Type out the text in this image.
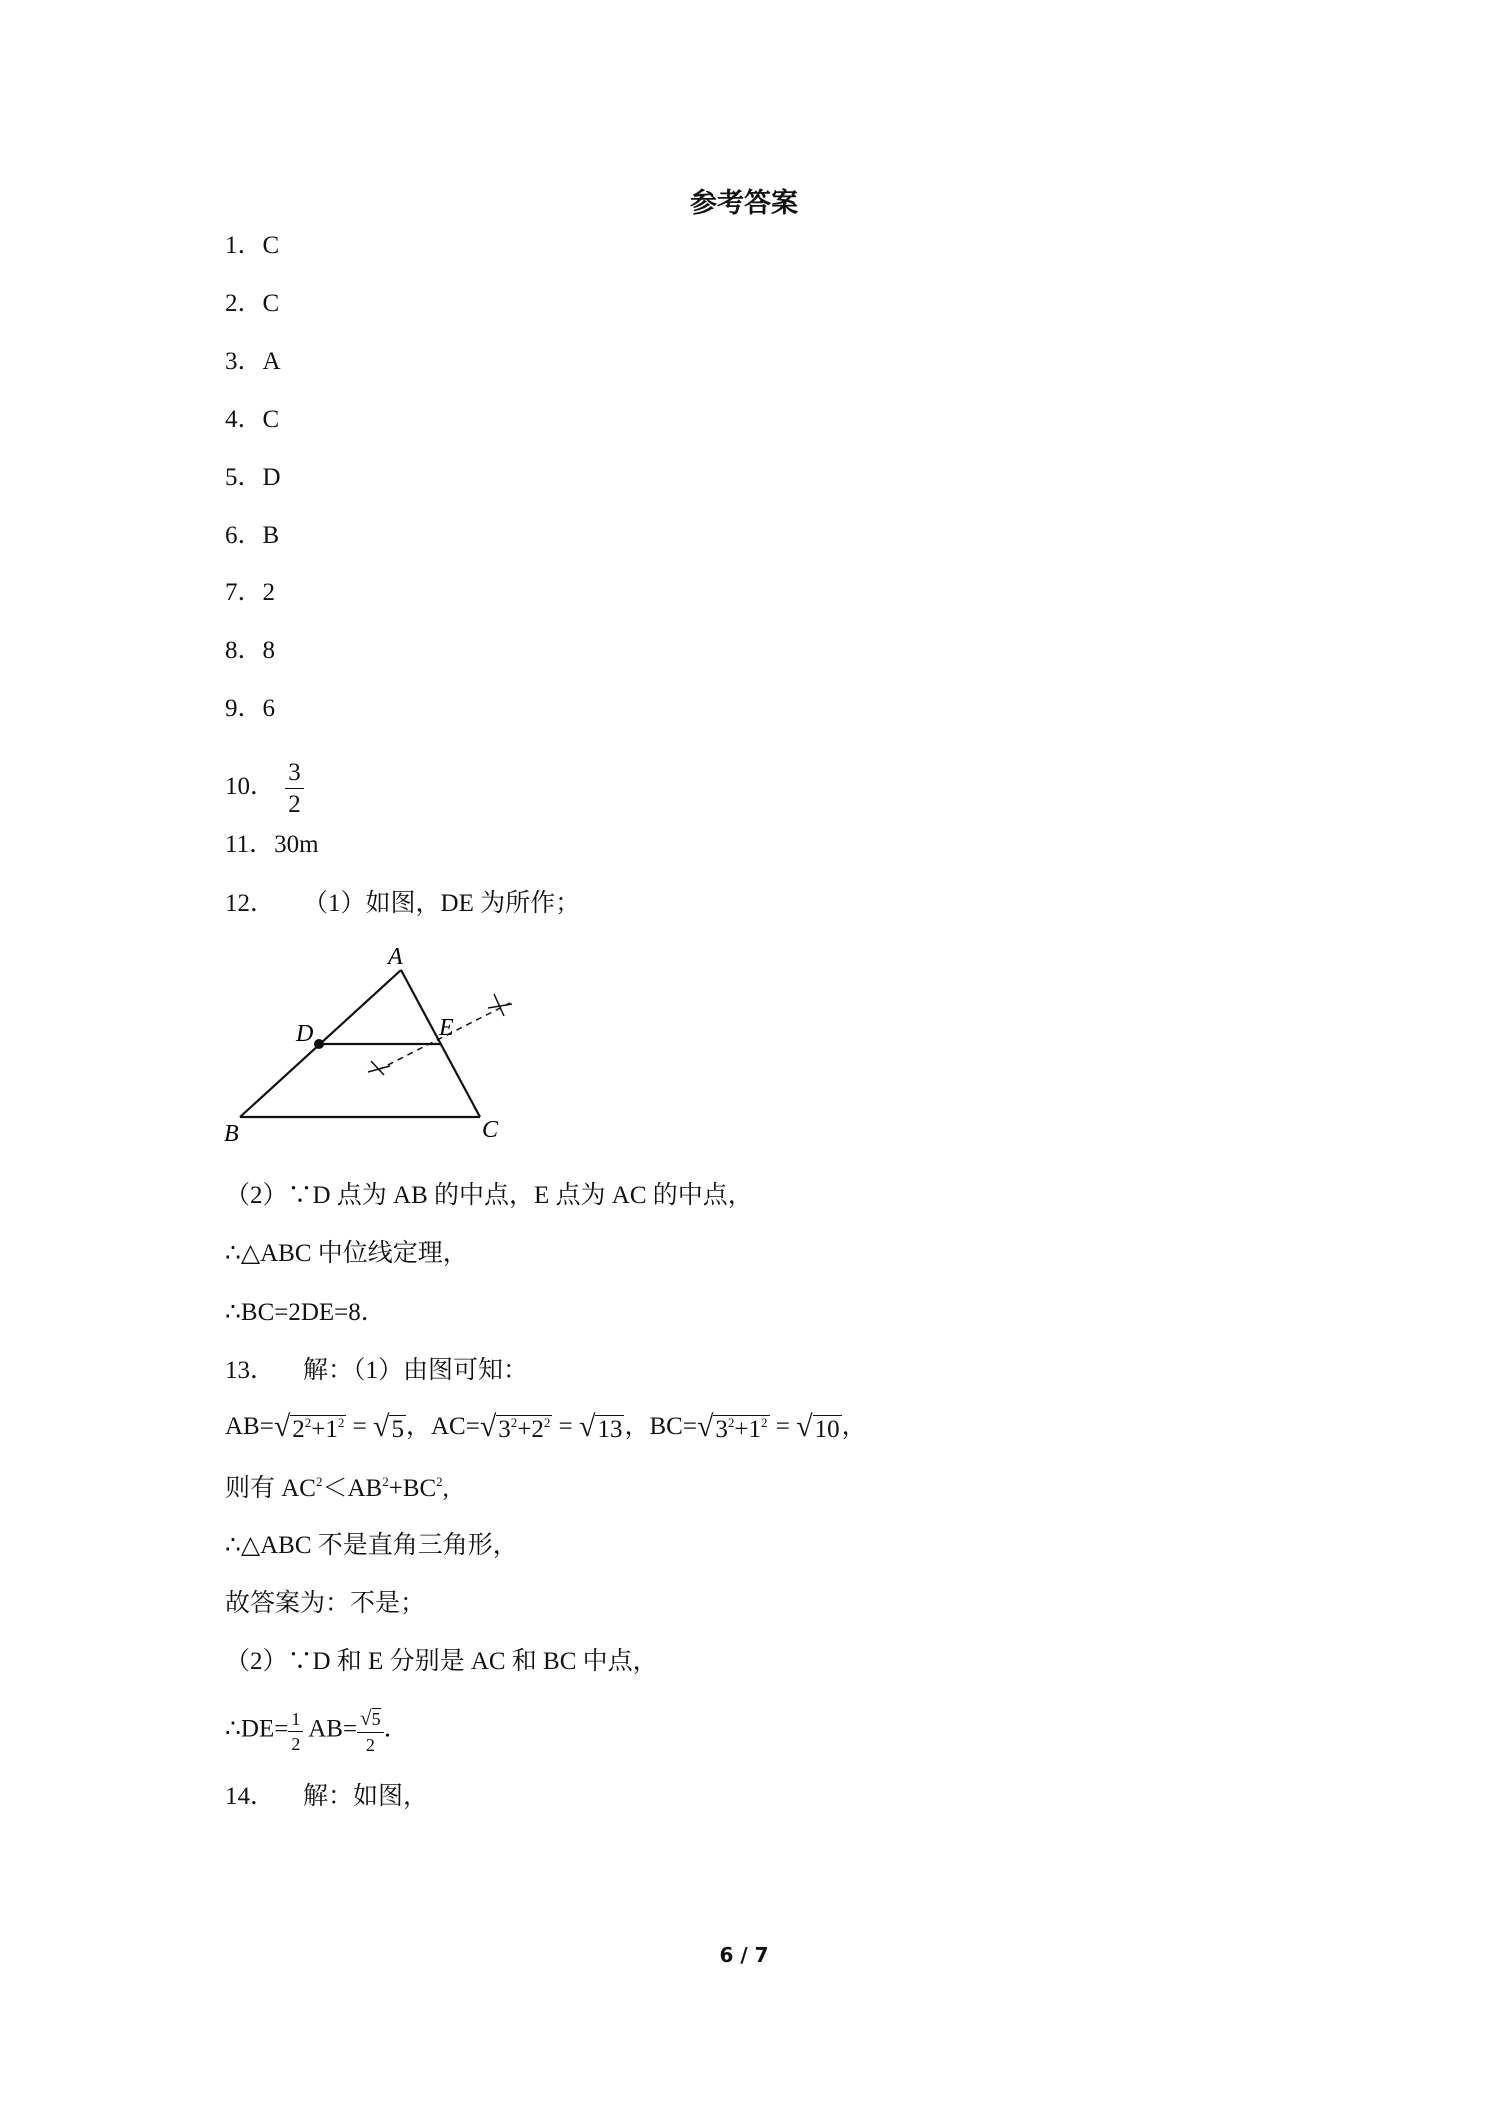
参考答案
1．C
2．C
3．A
4．C
5．D
6．B
7．2
8．8
9．6
10． $\frac{3}{2}$
11．30m
12． （1）如图，DE 为所作；
A
B	C
D	E
（2）∵D 点为 AB 的中点，E 点为 AC 的中点，
∴△ABC 中位线定理，
∴BC=2DE=8．
13． 解：（1）由图可知：
AB= √ $2^2+1^2$ = √ 5 ，AC= √ $3^2+2^2$ = √ 13 ，BC= √ $3^2+1^2$ = √ 10 ，
则有 $AC^2<AB^2+BC^2$,
∴△ABC 不是直角三角形，
故答案为：不是；
（2）∵D 和 E 分别是 AC 和 BC 中点，
∴DE= $\frac{1}{2} AB= \frac{√5}{2}$ ．
14． 解：如图，
6 / 7
